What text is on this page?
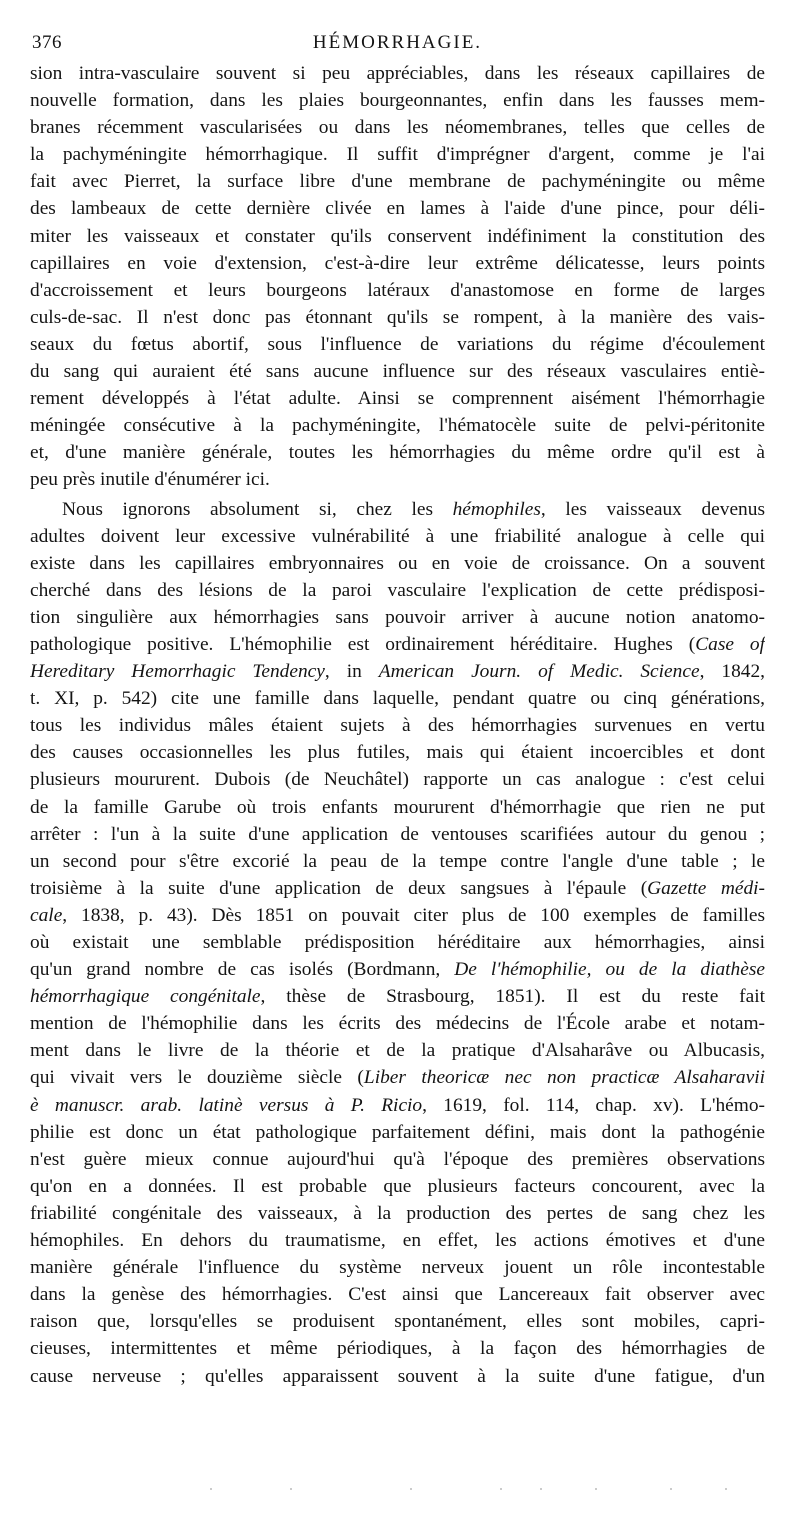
376	HÉMORRHAGIE.
sion intra-vasculaire souvent si peu appréciables, dans les réseaux capillaires de
nouvelle formation, dans les plaies bourgeonnantes, enfin dans les fausses mem-
branes récemment vascularisées ou dans les néomembranes, telles que celles de
la pachyméningite hémorrhagique. Il suffit d'imprégner d'argent, comme je l'ai
fait avec Pierret, la surface libre d'une membrane de pachyméningite ou même
des lambeaux de cette dernière clivée en lames à l'aide d'une pince, pour déli-
miter les vaisseaux et constater qu'ils conservent indéfiniment la constitution des
capillaires en voie d'extension, c'est-à-dire leur extrême délicatesse, leurs points
d'accroissement et leurs bourgeons latéraux d'anastomose en forme de larges
culs-de-sac. Il n'est donc pas étonnant qu'ils se rompent, à la manière des vais-
seaux du fœtus abortif, sous l'influence de variations du régime d'écoulement
du sang qui auraient été sans aucune influence sur des réseaux vasculaires entiè-
rement développés à l'état adulte. Ainsi se comprennent aisément l'hémorrhagie
méningée consécutive à la pachyméningite, l'hématocèle suite de pelvi-péritonite
et, d'une manière générale, toutes les hémorrhagies du même ordre qu'il est à
peu près inutile d'énumérer ici.
Nous ignorons absolument si, chez les hémophiles, les vaisseaux devenus
adultes doivent leur excessive vulnérabilité à une friabilité analogue à celle qui
existe dans les capillaires embryonnaires ou en voie de croissance. On a souvent
cherché dans des lésions de la paroi vasculaire l'explication de cette prédisposi-
tion singulière aux hémorrhagies sans pouvoir arriver à aucune notion anatomo-
pathologique positive. L'hémophilie est ordinairement héréditaire. Hughes (Case of
Hereditary Hemorrhagic Tendency, in American Journ. of Medic. Science, 1842,
t. XI, p. 542) cite une famille dans laquelle, pendant quatre ou cinq générations,
tous les individus mâles étaient sujets à des hémorrhagies survenues en vertu
des causes occasionnelles les plus futiles, mais qui étaient incoercibles et dont
plusieurs moururent. Dubois (de Neuchâtel) rapporte un cas analogue : c'est celui
de la famille Garube où trois enfants moururent d'hémorrhagie que rien ne put
arrêter : l'un à la suite d'une application de ventouses scarifiées autour du genou ;
un second pour s'être excorié la peau de la tempe contre l'angle d'une table ; le
troisième à la suite d'une application de deux sangsues à l'épaule (Gazette médi-
cale, 1838, p. 43). Dès 1851 on pouvait citer plus de 100 exemples de familles
où existait une semblable prédisposition héréditaire aux hémorrhagies, ainsi
qu'un grand nombre de cas isolés (Bordmann, De l'hémophilie, ou de la diathèse
hémorrhagique congénitale, thèse de Strasbourg, 1851). Il est du reste fait
mention de l'hémophilie dans les écrits des médecins de l'École arabe et notam-
ment dans le livre de la théorie et de la pratique d'Alsaharâve ou Albucasis,
qui vivait vers le douzième siècle (Liber theoricæ nec non practicæ Alsaharavii
è manuscr. arab. latinè versus à P. Ricio, 1619, fol. 114, chap. xv). L'hémo-
philie est donc un état pathologique parfaitement défini, mais dont la pathogénie
n'est guère mieux connue aujourd'hui qu'à l'époque des premières observations
qu'on en a données. Il est probable que plusieurs facteurs concourent, avec la
friabilité congénitale des vaisseaux, à la production des pertes de sang chez les
hémophiles. En dehors du traumatisme, en effet, les actions émotives et d'une
manière générale l'influence du système nerveux jouent un rôle incontestable
dans la genèse des hémorrhagies. C'est ainsi que Lancereaux fait observer avec
raison que, lorsqu'elles se produisent spontanément, elles sont mobiles, capri-
cieuses, intermittentes et même périodiques, à la façon des hémorrhagies de
cause nerveuse ; qu'elles apparaissent souvent à la suite d'une fatigue, d'un
